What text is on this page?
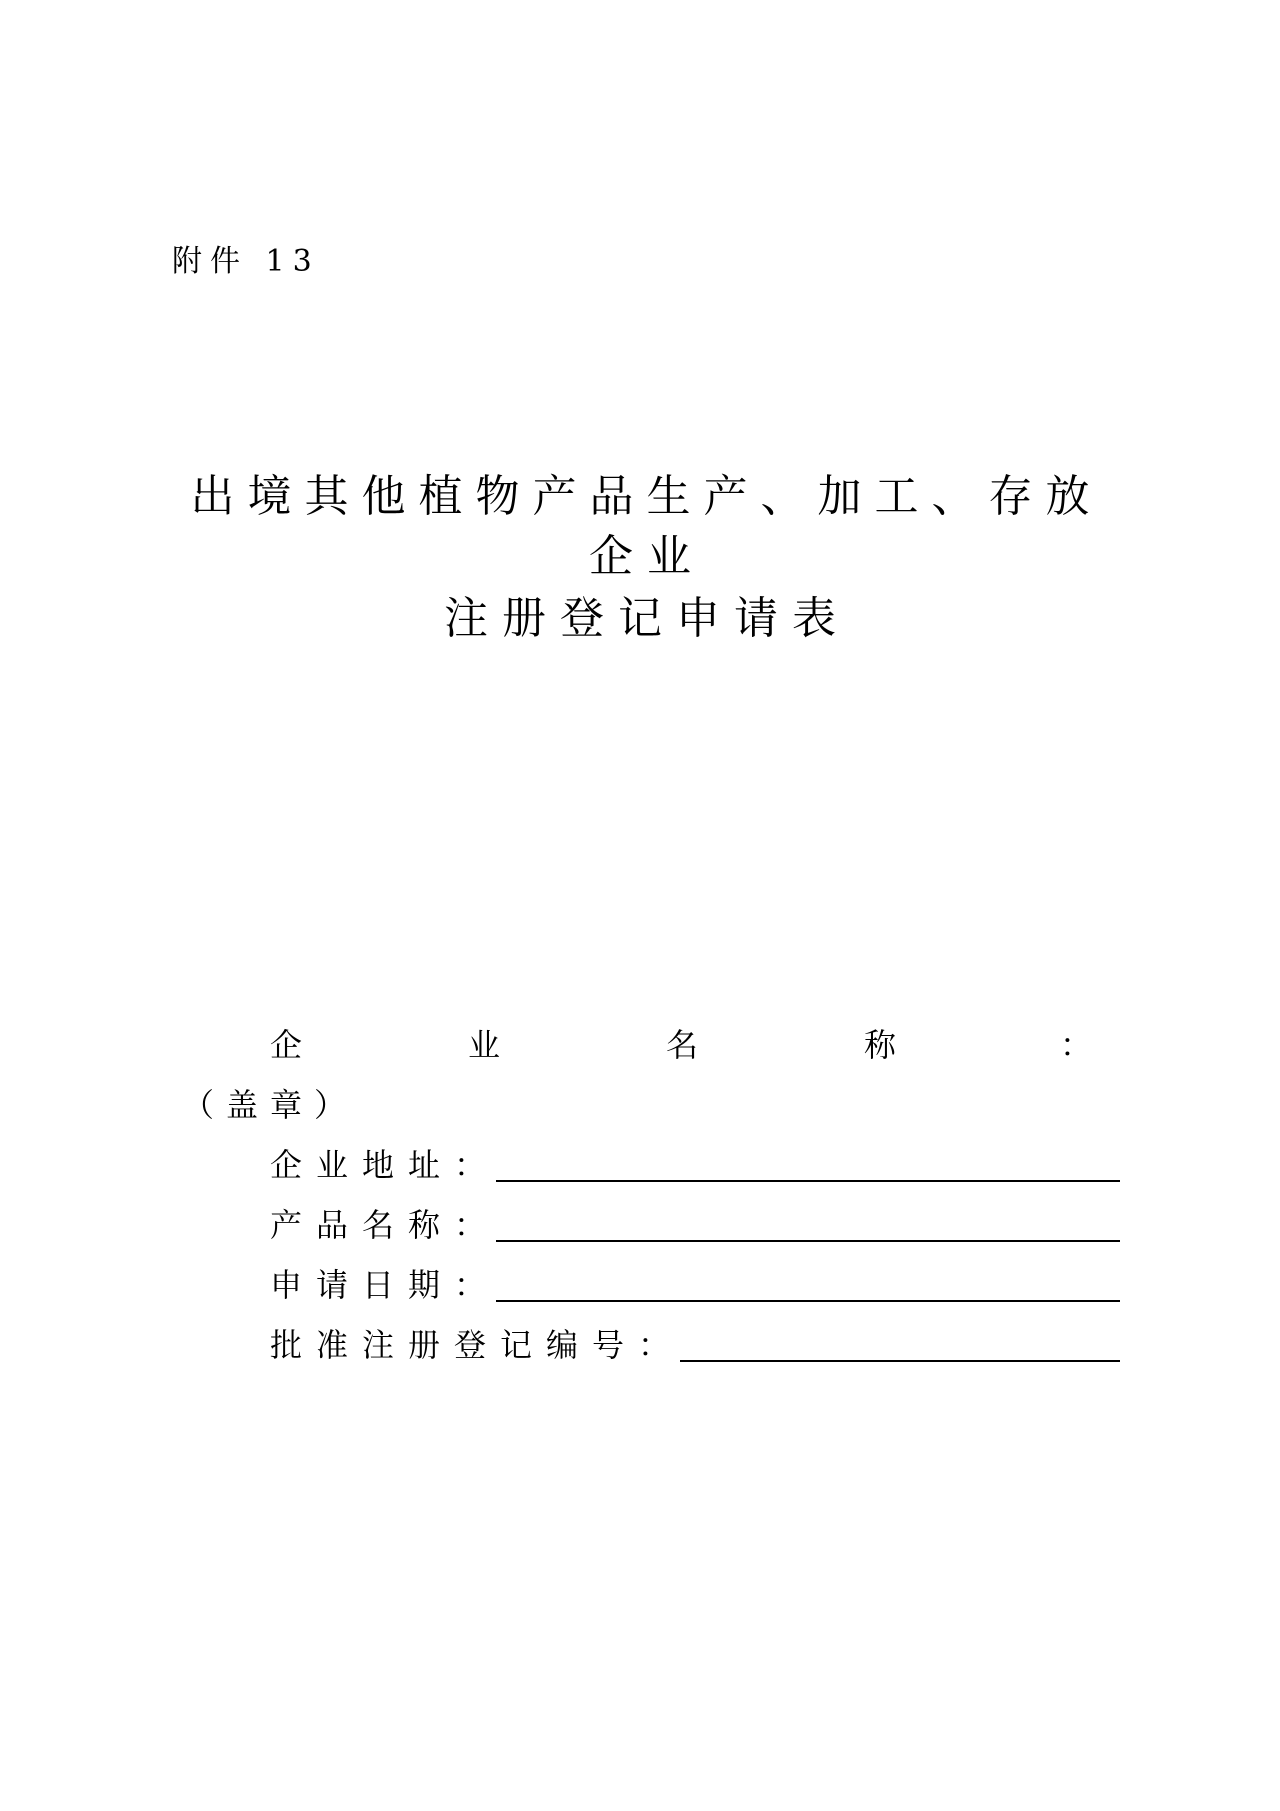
附件 13
出境其他植物产品生产、加工、存放
企业
注册登记申请表
企	业	名	称	：
（盖章）
企业地址：
产品名称：
申请日期：
批准注册登记编号：
